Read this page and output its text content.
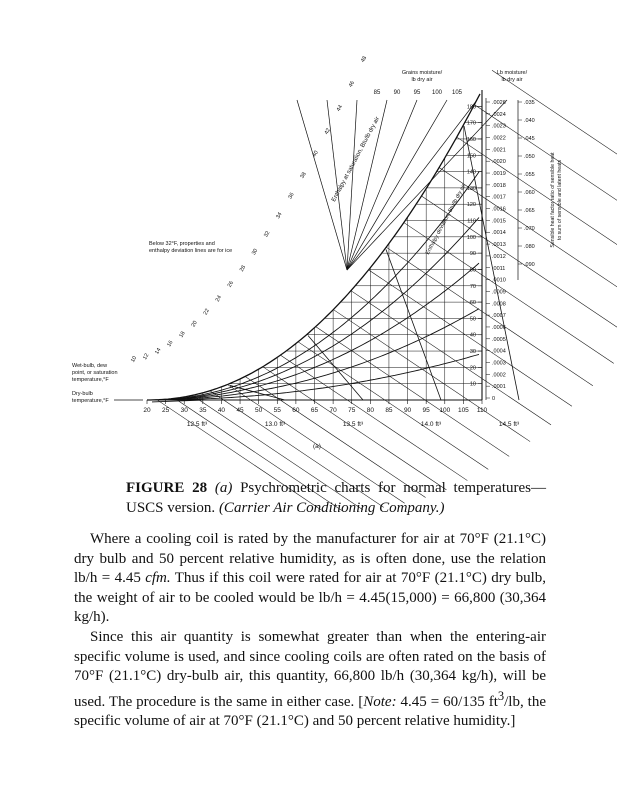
20 25 30 35 40 45 50 55 60 65 70 75 80 85 90 95 100 105 110
180
170
160
150
140
130
120
110
100
90
80
70
60
50
40
30
20
10
.0026
.0024
.0023
.0022
.0021
.0020
.0019
.0018
.0017
.0016
.0015
.0014
.0013
.0012
.0011
.0010
.0009
.0008
.0007
.0006
.0005
.0004
.0003
.0002
.0001
0
.035
.040
.045
.050
.055
.060
.065
.070
.080
.090
Sensible heat factor ratio of sensible heat to sum of sensible and latent heats
10 12
14
16
18
20
22
24
26
28
30
32
34
36
38
40
42
44
46
48
Enthalpy at saturation, Btu/lb dry air
Enthalpy deviation, Btu/lb dry air
12.5 ft³	13.0 ft³	13.5 ft³	14.0 ft³	14.5 ft³
85 90 95 100 105
Grains moisture/
lb dry air
Lb moisture/
lb dry air
Below 32°F, properties and
enthalpy deviation lines are for ice
Wet-bulb, dew
point, or saturation
temperature,°F
Dry-bulb
temperature,°F
(a)
FIGURE 28 (a) Psychrometric charts for normal temperatures—USCS version. (Carrier Air Conditioning Company.)

Where a cooling coil is rated by the manufacturer for air at 70°F (21.1°C) dry bulb and 50 percent relative humidity, as is often done, use the relation lb/h = 4.45 cfm. Thus if this coil were rated for air at 70°F (21.1°C) dry bulb, the weight of air to be cooled would be lb/h = 4.45(15,000) = 66,800 (30,364 kg/h).

Since this air quantity is somewhat greater than when the entering-air specific volume is used, and since cooling coils are often rated on the basis of 70°F (21.1°C) dry-bulb air, this quantity, 66,800 lb/h (30,364 kg/h), will be used. The procedure is the same in either case. [Note: 4.45 = 60/135 $ft^3/lb$, the specific volume of air at 70°F (21.1°C) and 50 percent relative humidity.]
